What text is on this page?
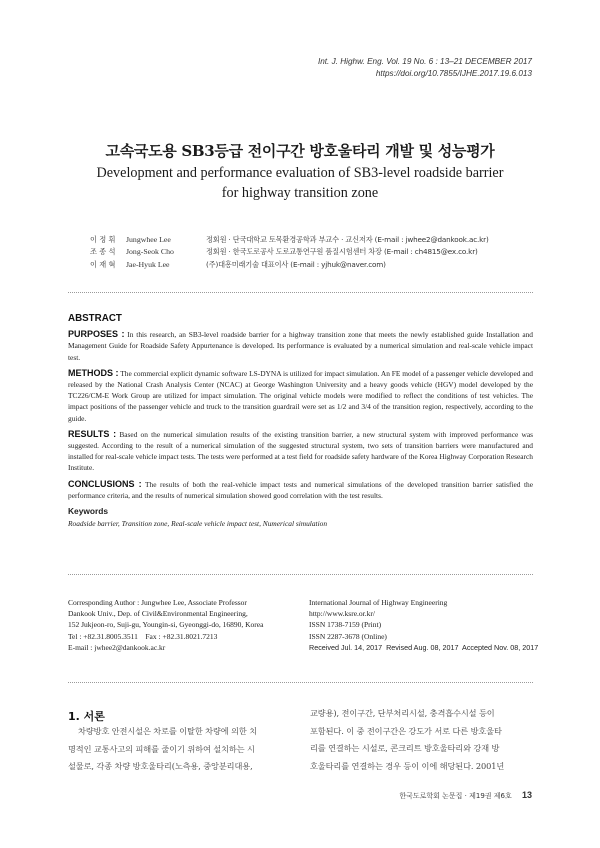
Int. J. Highw. Eng. Vol. 19 No. 6 : 13–21 DECEMBER 2017
https://doi.org/10.7855/IJHE.2017.19.6.013
고속국도용 SB3등급 전이구간 방호울타리 개발 및 성능평가
Development and performance evaluation of SB3-level roadside barrier
for highway transition zone
이 정 휘	Jungwhee Lee	정회원 · 단국대학교 토목환경공학과 부교수 · 교신저자 (E-mail : jwhee2@dankook.ac.kr)
조 종 석	Jong-Seok Cho	정회원 · 한국도로공사 도로교통연구원 품질시험센터 차장 (E-mail : ch4815@ex.co.kr)
이 재 혁	Jae-Hyuk Lee	(주)대흥미래기술 대표이사 (E-mail : yjhuk@naver.com)
ABSTRACT

PURPOSES : In this research, an SB3-level roadside barrier for a highway transition zone that meets the newly established guide Installation and Management Guide for Roadside Safety Appurtenance is developed. Its performance is evaluated by a numerical simulation and real-scale vehicle impact test.

METHODS : The commercial explicit dynamic software LS-DYNA is utilized for impact simulation. An FE model of a passenger vehicle developed and released by the National Crash Analysis Center (NCAC) at George Washington University and a heavy goods vehicle (HGV) model developed by the TC226/CM-E Work Group are utilized for impact simulation. The original vehicle models were modified to reflect the conditions of test vehicles. The impact positions of the passenger vehicle and truck to the transition guardrail were set as 1/2 and 3/4 of the transition region, respectively, according to the guide.

RESULTS : Based on the numerical simulation results of the existing transition barrier, a new structural system with improved performance was suggested. According to the result of a numerical simulation of the suggested structural system, two sets of transition barriers were manufactured and installed for real-scale vehicle impact tests. The tests were performed at a test field for roadside safety hardware of the Korea Highway Corporation Research Institute.

CONCLUSIONS : The results of both the real-vehicle impact tests and numerical simulations of the developed transition barrier satisfied the performance criteria, and the results of numerical simulation showed good correlation with the test results.

Keywords
Roadside barrier, Transition zone, Real-scale vehicle impact test, Numerical simulation
Corresponding Author : Jungwhee Lee, Associate Professor
Dankook Univ., Dep. of Civil&Environmental Engineering,
152 Jukjeon-ro, Suji-gu, Youngin-si, Gyeonggi-do, 16890, Korea
Tel : +82.31.8005.3511    Fax : +82.31.8021.7213
E-mail : jwhee2@dankook.ac.kr
International Journal of Highway Engineering
http://www.ksre.or.kr/
ISSN 1738-7159 (Print)
ISSN 2287-3678 (Online)
Received Jul. 14, 2017  Revised Aug. 08, 2017  Accepted Nov. 08, 2017
1. 서론
차량방호 안전시설은 차로를 이탈한 차량에 의한 치
명적인 교통사고의 피해를 줄이기 위하여 설치하는 시
설물로, 각종 차량 방호울타리(노측용, 중앙분리대용,
교량용), 전이구간, 단부처리시설, 충격흡수시설 등이
포함된다. 이 중 전이구간은 강도가 서로 다른 방호울타
리를 연결하는 시설로, 콘크리트 방호울타리와 강재 방
호울타리를 연결하는 경우 등이 이에 해당된다. 2001년
한국도로학회 논문집 · 제19권 제6호 13
